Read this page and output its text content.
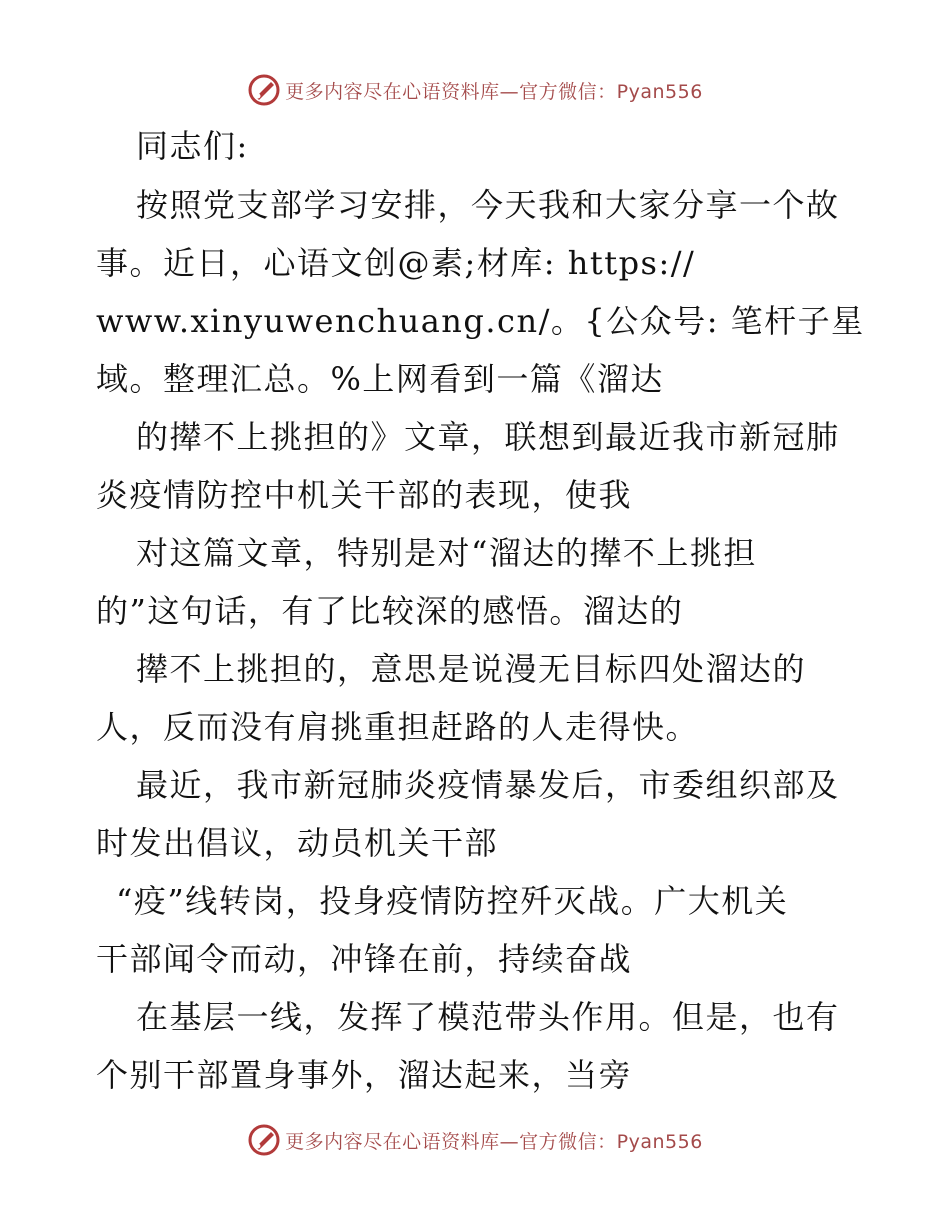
更多内容尽在心语资料库—官方微信：Pyan556
同志们:
按照党支部学习安排，今天我和大家分享一个故
事。近日，心语文创@素;材库: https://
www.xinyuwenchuang.cn/。{公众号: 笔杆子星
域。整理汇总。%上网看到一篇《溜达
的撵不上挑担的》文章，联想到最近我市新冠肺
炎疫情防控中机关干部的表现，使我
对这篇文章，特别是对“溜达的撵不上挑担
的”这句话，有了比较深的感悟。溜达的
撵不上挑担的，意思是说漫无目标四处溜达的
人，反而没有肩挑重担赶路的人走得快。
最近，我市新冠肺炎疫情暴发后，市委组织部及
时发出倡议，动员机关干部
“疫”线转岗，投身疫情防控歼灭战。广大机关
干部闻令而动，冲锋在前，持续奋战
在基层一线，发挥了模范带头作用。但是，也有
个别干部置身事外，溜达起来，当旁
更多内容尽在心语资料库—官方微信：Pyan556
